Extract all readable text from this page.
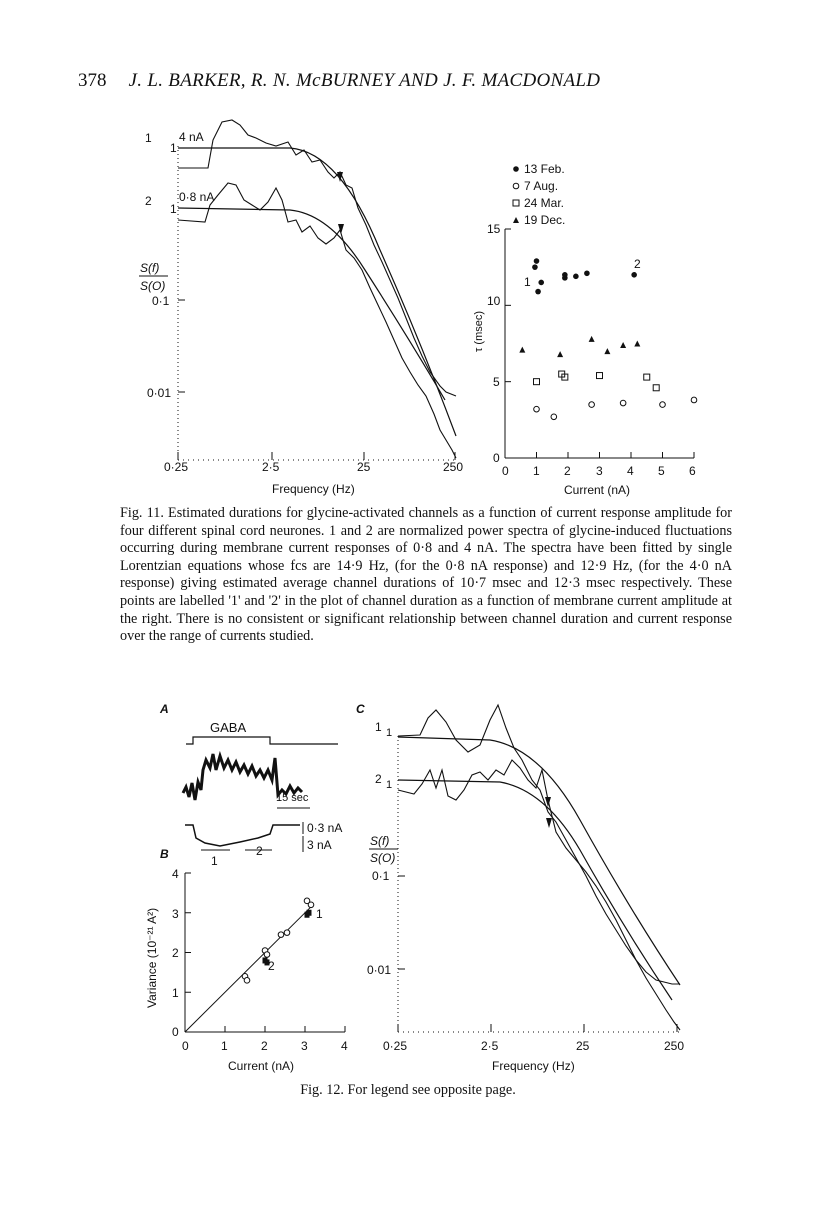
378 J. L. BARKER, R. N. McBURNEY AND J. F. MACDONALD
1 4 nA
1
2 0·8 nA
1
S(f)
S(O)
0·1
0·01
0·25	2·5	25	250
Frequency (Hz)
13 Feb.
7 Aug.
24 Mar.
19 Dec.
τ (msec)
0
5
10
15
0 1 2 3 4 5 6
Current (nA)
1
2
Fig. 11. Estimated durations for glycine-activated channels as a function of current response amplitude for four different spinal cord neurones. 1 and 2 are normalized power spectra of glycine-induced fluctuations occurring during membrane current responses of 0·8 and 4 nA. The spectra have been fitted by single Lorentzian equations whose fcs are 14·9 Hz, (for the 0·8 nA response) and 12·9 Hz, (for the 4·0 nA response) giving estimated average channel durations of 10·7 msec and 12·3 msec respectively. These points are labelled '1' and '2' in the plot of channel duration as a function of membrane current amplitude at the right. There is no consistent or significant relationship between channel duration and current response over the range of currents studied.
A
GABA
15 sec
0·3 nA
3 nA
1
2
B
Variance (10⁻²¹ A²)
0
1
2
3
4
0	1	2	3	4
Current (nA)
1
2
C
1 1
2 1
S(f)
S(O)
0·1
0·01
0·25	2·5	25	250
Frequency (Hz)
Fig. 12. For legend see opposite page.
